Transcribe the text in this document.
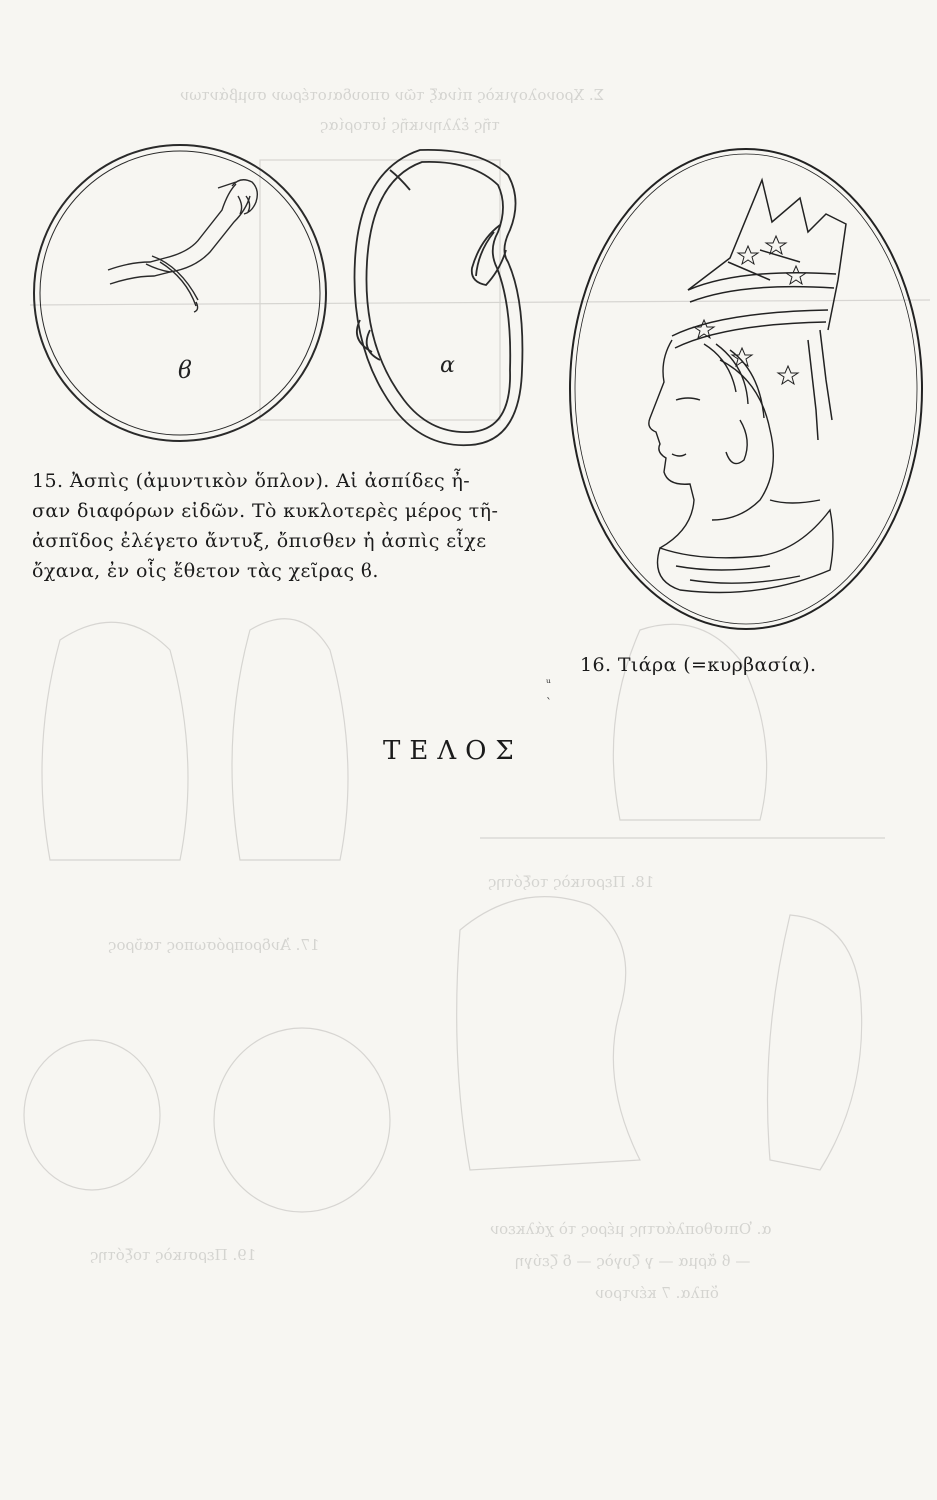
Σ. Χρονολογικὸς πίναξ τῶν σπουδαιοτέρων συμβάντων
τῆς ἑλληνικῆς ἱστορίας
17. Ἀνδροπρόσωπος ταῦρος
18. Περσικὸς τοξότης
19. Περσικὸς τοξότης
α. Ὁπισθοπλάστης μέρος τὸ χάλκεον
— ϐ ἄρμα — γ ζυγὸς — δ ζεύγη
ὅπλα. 7 κέντρον
ϐ	α
15. Ἀσπὶς (ἀμυντικὸν ὅπλον). Αἱ ἀσπίδες ἦ-
σαν διαφόρων εἰδῶν. Τὸ κυκλοτερὲς μέρος τῆ-
ἀσπῖδος ἐλέγετο ἄντυξ, ὄπισθεν ἡ ἀσπὶς εἶχε
ὄχανα, ἐν οἷς ἔθετον τὰς χεῖρας ϐ.
16. Τιάρα (=κυρβασία).
ᵘ
ˋ
ΤΕΛΟΣ
